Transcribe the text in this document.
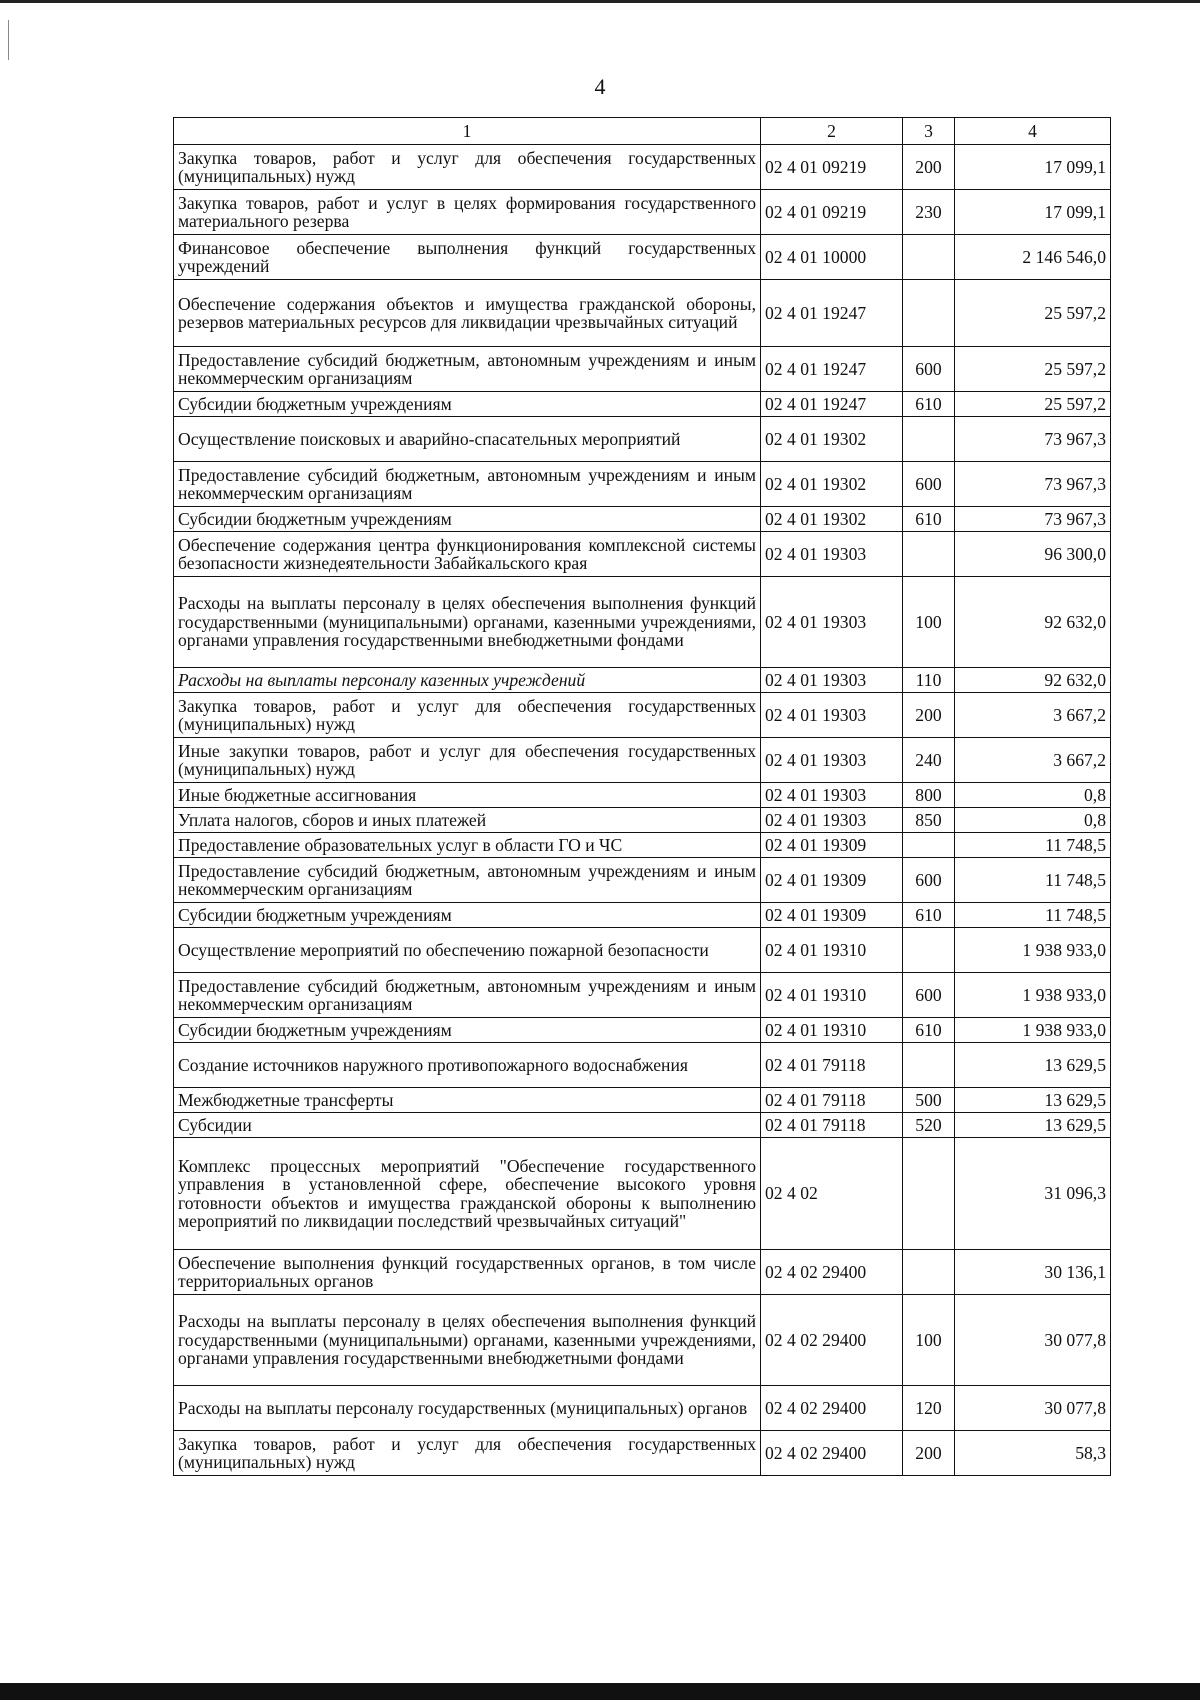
4
1	2	3	4
Закупка товаров, работ и услуг для обеспечения государственных (муниципальных) нужд	02 4 01 09219	200	17 099,1
Закупка товаров, работ и услуг в целях формирования государственного материального резерва	02 4 01 09219	230	17 099,1
Финансовое обеспечение выполнения функций государственных учреждений	02 4 01 10000		2 146 546,0
Обеспечение содержания объектов и имущества гражданской обороны, резервов материальных ресурсов для ликвидации чрезвычайных ситуаций	02 4 01 19247		25 597,2
Предоставление субсидий бюджетным, автономным учреждениям и иным некоммерческим организациям	02 4 01 19247	600	25 597,2
Субсидии бюджетным учреждениям	02 4 01 19247	610	25 597,2
Осуществление поисковых и аварийно-спасательных мероприятий	02 4 01 19302		73 967,3
Предоставление субсидий бюджетным, автономным учреждениям и иным некоммерческим организациям	02 4 01 19302	600	73 967,3
Субсидии бюджетным учреждениям	02 4 01 19302	610	73 967,3
Обеспечение содержания центра функционирования комплексной системы безопасности жизнедеятельности Забайкальского края	02 4 01 19303		96 300,0
Расходы на выплаты персоналу в целях обеспечения выполнения функций государственными (муниципальными) органами, казенными учреждениями, органами управления государственными внебюджетными фондами	02 4 01 19303	100	92 632,0
Расходы на выплаты персоналу казенных учреждений	02 4 01 19303	110	92 632,0
Закупка товаров, работ и услуг для обеспечения государственных (муниципальных) нужд	02 4 01 19303	200	3 667,2
Иные закупки товаров, работ и услуг для обеспечения государственных (муниципальных) нужд	02 4 01 19303	240	3 667,2
Иные бюджетные ассигнования	02 4 01 19303	800	0,8
Уплата налогов, сборов и иных платежей	02 4 01 19303	850	0,8
Предоставление образовательных услуг в области ГО и ЧС	02 4 01 19309		11 748,5
Предоставление субсидий бюджетным, автономным учреждениям и иным некоммерческим организациям	02 4 01 19309	600	11 748,5
Субсидии бюджетным учреждениям	02 4 01 19309	610	11 748,5
Осуществление мероприятий по обеспечению пожарной безопасности	02 4 01 19310		1 938 933,0
Предоставление субсидий бюджетным, автономным учреждениям и иным некоммерческим организациям	02 4 01 19310	600	1 938 933,0
Субсидии бюджетным учреждениям	02 4 01 19310	610	1 938 933,0
Создание источников наружного противопожарного водоснабжения	02 4 01 79118		13 629,5
Межбюджетные трансферты	02 4 01 79118	500	13 629,5
Субсидии	02 4 01 79118	520	13 629,5
Комплекс процессных мероприятий "Обеспечение государственного управления в установленной сфере, обеспечение высокого уровня готовности объектов и имущества гражданской обороны к выполнению мероприятий по ликвидации последствий чрезвычайных ситуаций"	02 4 02		31 096,3
Обеспечение выполнения функций государственных органов, в том числе территориальных органов	02 4 02 29400		30 136,1
Расходы на выплаты персоналу в целях обеспечения выполнения функций государственными (муниципальными) органами, казенными учреждениями, органами управления государственными внебюджетными фондами	02 4 02 29400	100	30 077,8
Расходы на выплаты персоналу государственных (муниципальных) органов	02 4 02 29400	120	30 077,8
Закупка товаров, работ и услуг для обеспечения государственных (муниципальных) нужд	02 4 02 29400	200	58,3
